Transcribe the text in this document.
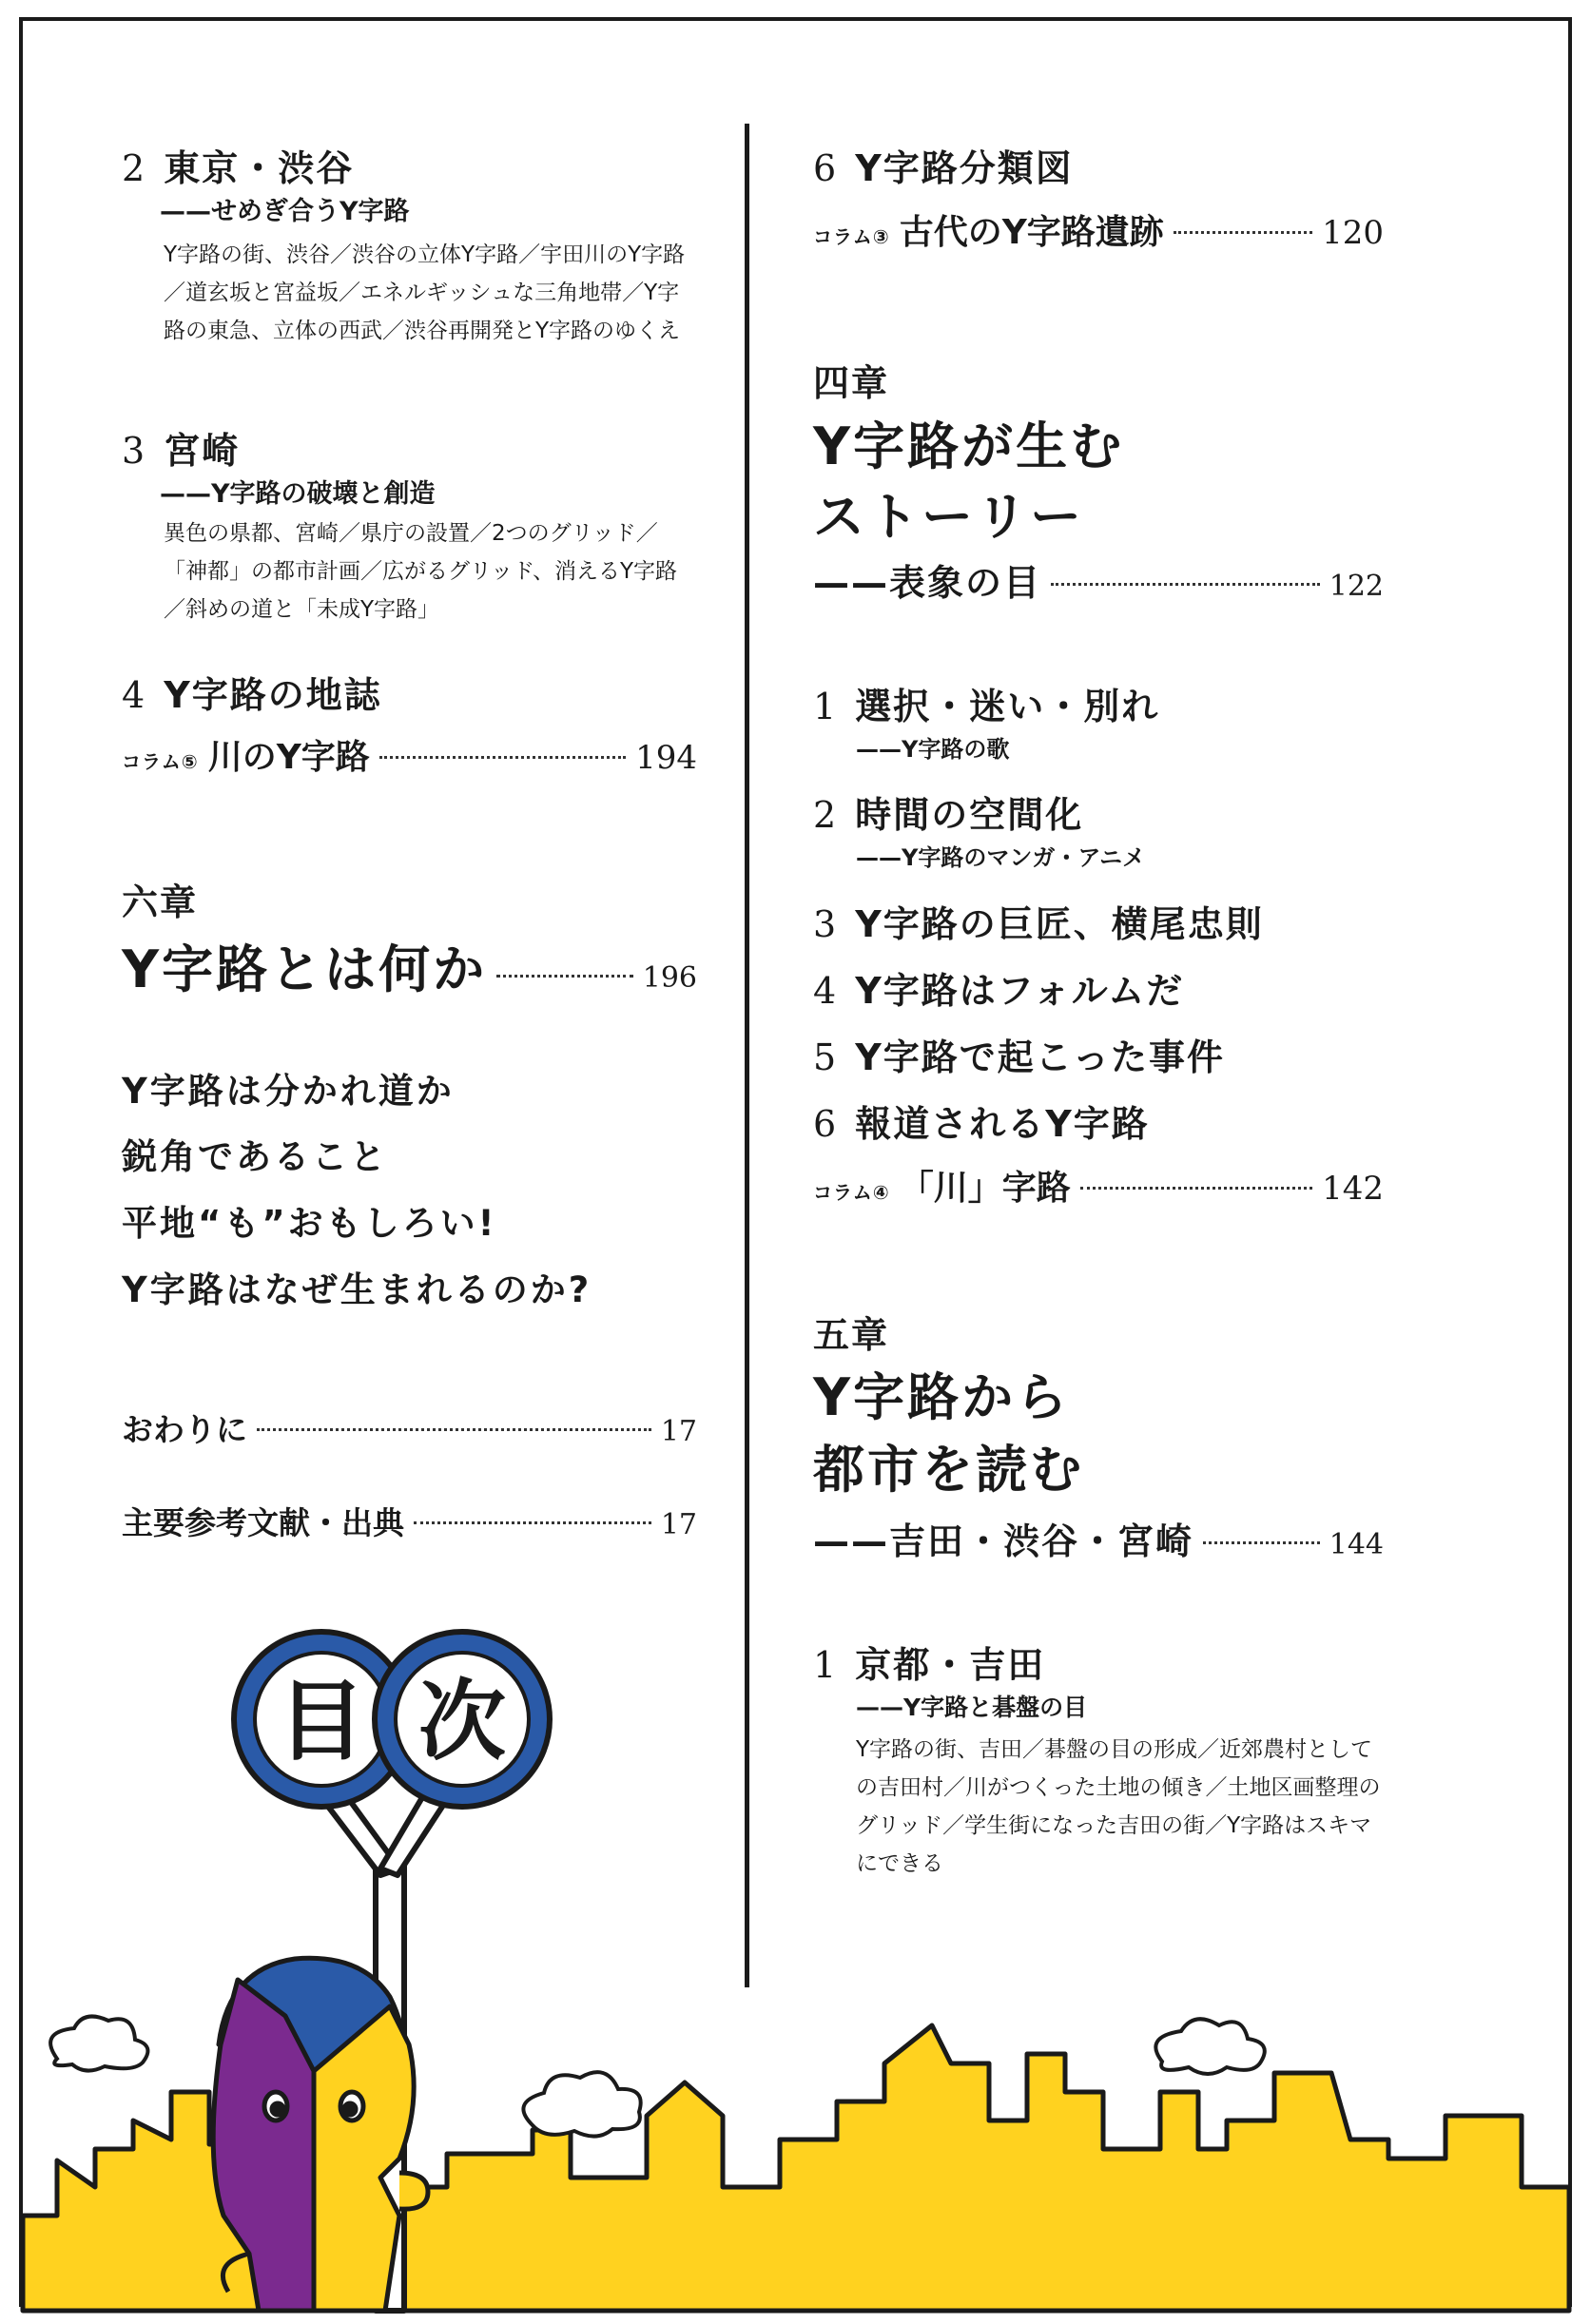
2 東京・渋谷
——せめぎ合うY字路
Y字路の街、渋谷／渋谷の立体Y字路／宇田川のY字路／道玄坂と宮益坂／エネルギッシュな三角地帯／Y字路の東急、立体の西武／渋谷再開発とY字路のゆくえ
3 宮崎
——Y字路の破壊と創造
異色の県都、宮崎／県庁の設置／2つのグリッド／「神都」の都市計画／広がるグリッド、消えるY字路／斜めの道と「未成Y字路」
4 Y字路の地誌
コラム⑤ 川のY字路	194
六章
Y字路とは何か	196
Y字路は分かれ道か
鋭角であること
平地“も”おもしろい!
Y字路はなぜ生まれるのか?
おわりに	17
主要参考文献・出典	17
6 Y字路分類図
コラム③ 古代のY字路遺跡	120
四章
Y字路が生む
ストーリー
——表象の目	122
1 選択・迷い・別れ
——Y字路の歌
2 時間の空間化
——Y字路のマンガ・アニメ
3 Y字路の巨匠、横尾忠則
4 Y字路はフォルムだ
5 Y字路で起こった事件
6 報道されるY字路
コラム④ 「川」字路	142
五章
Y字路から
都市を読む
——吉田・渋谷・宮崎	144
1 京都・吉田
——Y字路と碁盤の目
Y字路の街、吉田／碁盤の目の形成／近郊農村としての吉田村／川がつくった土地の傾き／土地区画整理のグリッド／学生街になった吉田の街／Y字路はスキマにできる
目 次
